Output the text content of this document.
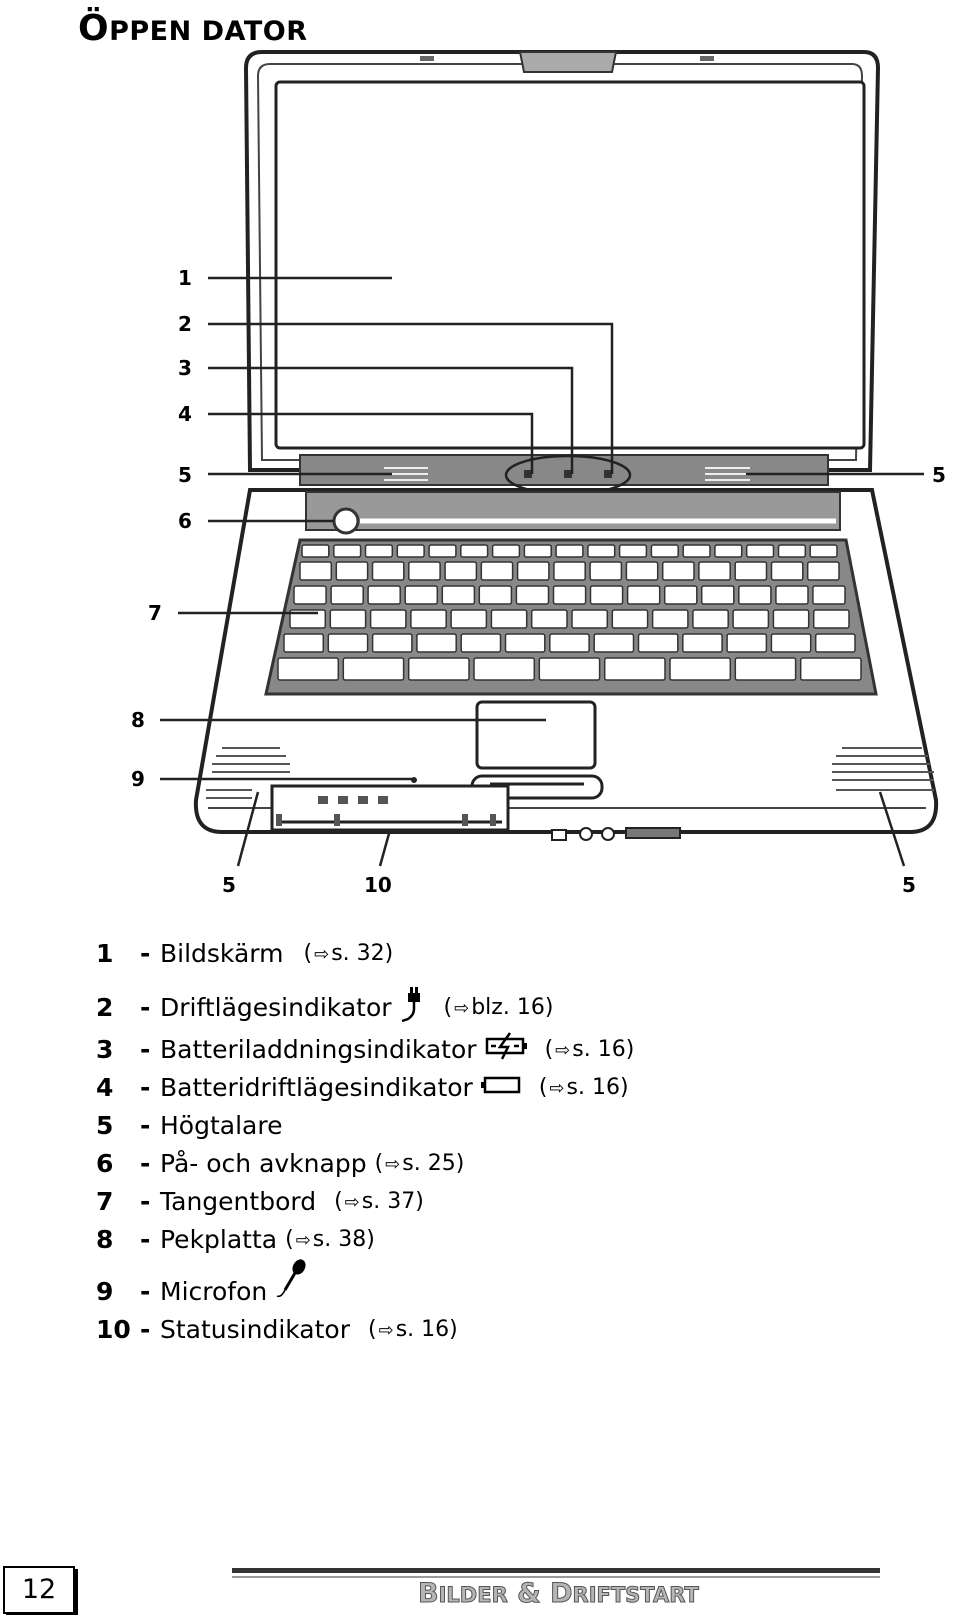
ÖPPEN DATOR
1
2
3
4
5	5
6
7
8
9
5	10	5
1	- Bildskärm ( ⇨s. 32)
2	- Driftlägesindikator ( ⇨blz. 16)
3	- Batteriladdningsindikator	( ⇨s. 16)
4	- Batteridriftlägesindikator	( ⇨s. 16)
5	- Högtalare
6	- På- och avknapp ( ⇨s. 25)
7	- Tangentbord ( ⇨s. 37)
8	- Pekplatta ( ⇨s. 38)
9	- Microfon
10 - Statusindikator ( ⇨s. 16)
12	BILDER & DRIFTSTART
